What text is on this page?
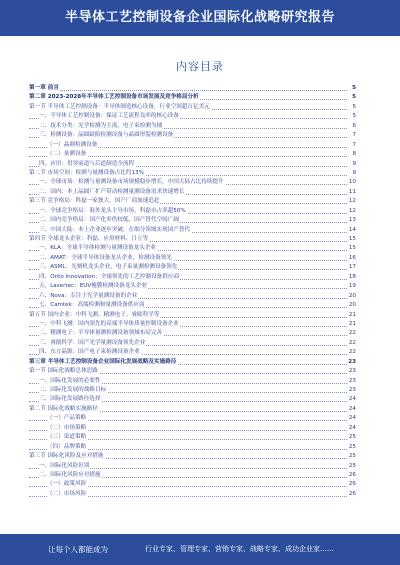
半导体工艺控制设备企业国际化战略研究报告
内容目录
第一章 前言	5
第二章 2023-2028年半导体工艺控制设备市场发展及竞争格局分析	5
第一节 半导体工艺控制设备：半导体制造核心设备，行业空间超百亿美元	5
一、半导体工艺控制设备：保证工艺流程良率的核心设备	5
二、技术分类：光学检测为主流，电子束检测为辅	6
三、检测设备：晶圆缺陷检测设备与晶圆形貌检测设备	7
（一）晶圆检测设备	7
（二）量测设备	8
四、应用：贯穿前道与后道制造全流程	9
第二节 市场空间：检测与量测设备占比约13%	9
一、全球市场：检测与量测设备市场规模稳步增长，中国大陆占比持续提升	10
二、国内：本土晶圆厂扩产带动检测量测设备需求快速增长	11
第三节 竞争格局：科磊一家独大，国产厂商加速追赶	12
一、全球竞争格局：海外龙头主导市场，科磊市占率超50%	12
二、国内竞争格局：国产化率仍较低，国产替代空间广阔	13
三、中国大陆：本土企业逐步突破，在细分领域实现国产替代	14
第四节 全球龙头企业：科磊、应用材料、日立等	15
一、KLA：全球半导体检测与量测设备龙头企业	15
二、AMAT：全球半导体设备龙头企业，检测设备领先	16
三、ASML：光刻机龙头企业，电子束量测检测设备领先	17
四、Onto Innovation：全球领先的工艺控制设备供应商	18
五、Lasertec：EUV掩膜检测设备龙头企业	19
六、Nova：专注于光学量测设备的企业	20
七、Camtek：高端检测和量测设备供应商	20
第五节 国内企业：中科飞测、精测电子、睿励科学等	21
一、中科飞测：国内领先的高端半导体质量控制设备企业	21
二、精测电子：半导体量测检测设备领域布局完善	22
三、睿励科学：国产光学量测设备领先企业	22
四、东方晶源：国产电子束检测设备企业	22
第三章 半导体工艺控制设备企业国际化发展战略及实施路径	23
第一节 国际化战略总体思路	23
一、国际化发展的必要性	23
二、国际化发展的战略目标	23
三、国际化发展路径选择	24
第二节 国际化战略实施路径	24
（一）产品策略	24
（二）市场策略	24
（三）渠道策略	25
（四）品牌策略	25
第三节 国际化风险及应对措施	25
一、国际化风险识别	25
二、国际化风险应对措施	26
（一）政策风险	26
（二）市场风险	26
让每个人都能成为	行业专家、管理专家、营销专家、战略专家、成功企业家……
